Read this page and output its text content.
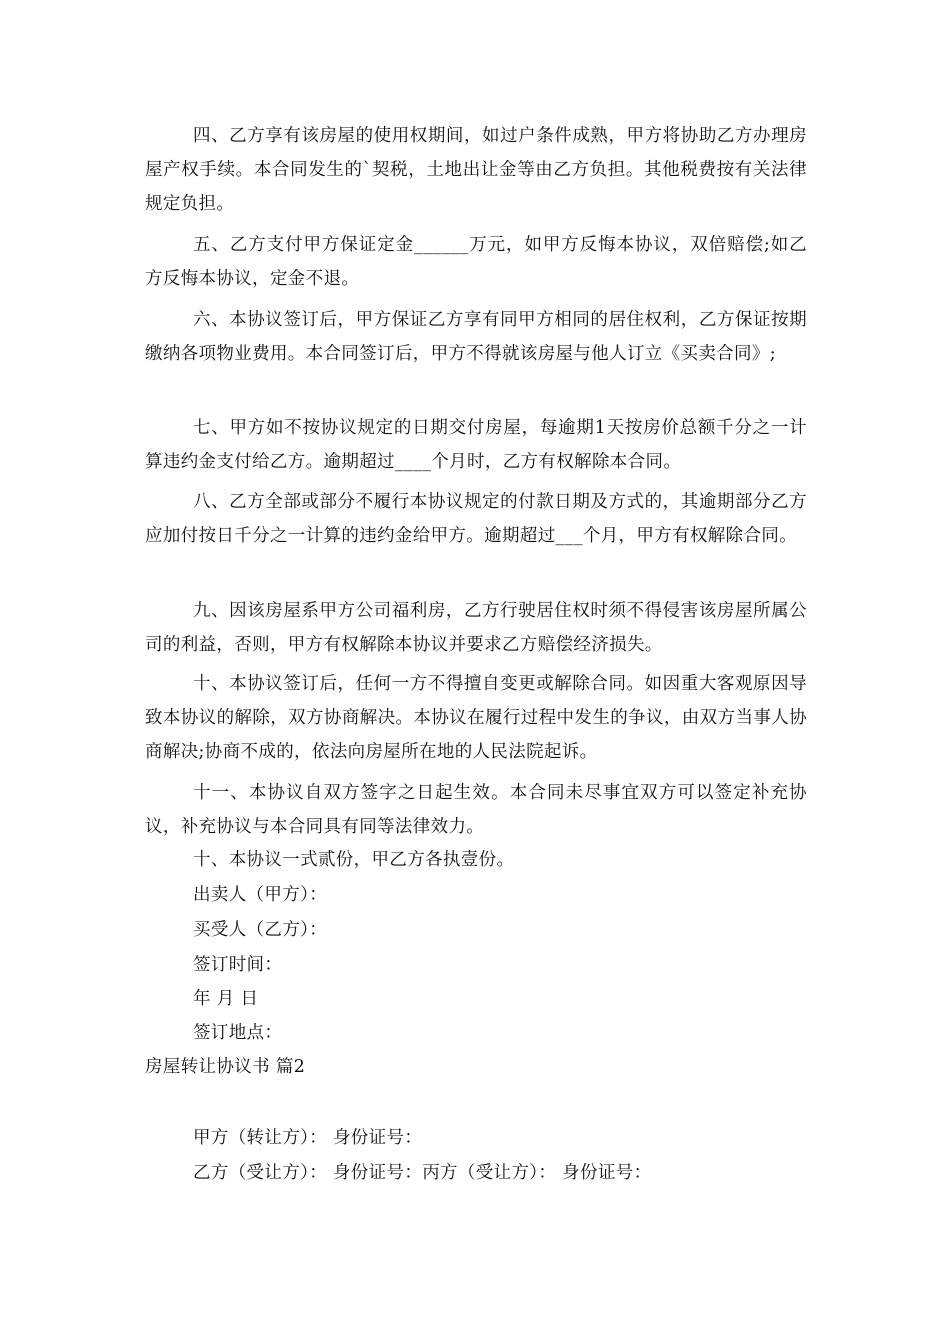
四、乙方享有该房屋的使用权期间，如过户条件成熟，甲方将协助乙方办理房屋产权手续。本合同发生的`契税，土地出让金等由乙方负担。其他税费按有关法律规定负担。

五、乙方支付甲方保证定金______万元，如甲方反悔本协议，双倍赔偿;如乙方反悔本协议，定金不退。

六、本协议签订后，甲方保证乙方享有同甲方相同的居住权利，乙方保证按期缴纳各项物业费用。本合同签订后，甲方不得就该房屋与他人订立《买卖合同》;

七、甲方如不按协议规定的日期交付房屋，每逾期1天按房价总额千分之一计算违约金支付给乙方。逾期超过____个月时，乙方有权解除本合同。

八、乙方全部或部分不履行本协议规定的付款日期及方式的，其逾期部分乙方应加付按日千分之一计算的违约金给甲方。逾期超过___个月，甲方有权解除合同。

九、因该房屋系甲方公司福利房，乙方行驶居住权时须不得侵害该房屋所属公司的利益，否则，甲方有权解除本协议并要求乙方赔偿经济损失。

十、本协议签订后，任何一方不得擅自变更或解除合同。如因重大客观原因导致本协议的解除，双方协商解决。本协议在履行过程中发生的争议，由双方当事人协商解决;协商不成的，依法向房屋所在地的人民法院起诉。

十一、本协议自双方签字之日起生效。本合同未尽事宜双方可以签定补充协议，补充协议与本合同具有同等法律效力。

十、本协议一式贰份，甲乙方各执壹份。
出卖人（甲方）：
买受人（乙方）：
签订时间：
年 月 日
签订地点：
房屋转让协议书 篇2
甲方（转让方）： 身份证号：
乙方（受让方）： 身份证号：丙方（受让方）： 身份证号：
